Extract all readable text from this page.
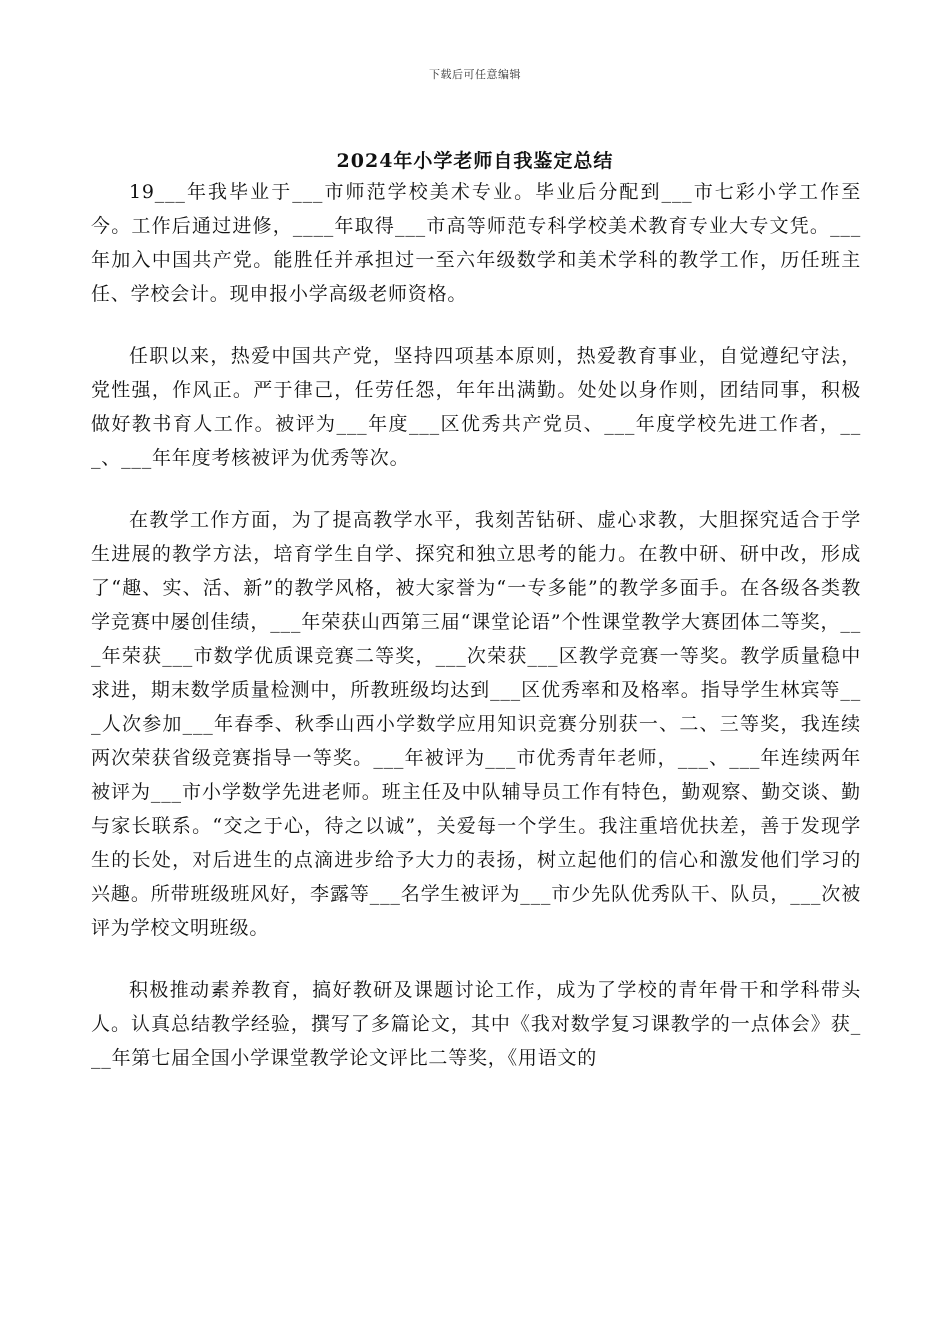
下载后可任意编辑
2024年小学老师自我鉴定总结

19___年我毕业于___市师范学校美术专业。毕业后分配到___市七彩小学工作至今。工作后通过进修，____年取得___市高等师范专科学校美术教育专业大专文凭。___年加入中国共产党。能胜任并承担过一至六年级数学和美术学科的教学工作，历任班主任、学校会计。现申报小学高级老师资格。

任职以来，热爱中国共产党，坚持四项基本原则，热爱教育事业，自觉遵纪守法，党性强，作风正。严于律己，任劳任怨，年年出满勤。处处以身作则，团结同事，积极做好教书育人工作。被评为___年度___区优秀共产党员、___年度学校先进工作者，___、___年年度考核被评为优秀等次。

在教学工作方面，为了提高教学水平，我刻苦钻研、虚心求教，大胆探究适合于学生进展的教学方法，培育学生自学、探究和独立思考的能力。在教中研、研中改，形成了“趣、实、活、新”的教学风格，被大家誉为“一专多能”的教学多面手。在各级各类教学竞赛中屡创佳绩，___年荣获山西第三届“课堂论语”个性课堂教学大赛团体二等奖，___年荣获___市数学优质课竞赛二等奖，___次荣获___区教学竞赛一等奖。教学质量稳中求进，期末数学质量检测中，所教班级均达到___区优秀率和及格率。指导学生林宾等___人次参加___年春季、秋季山西小学数学应用知识竞赛分别获一、二、三等奖，我连续两次荣获省级竞赛指导一等奖。___年被评为___市优秀青年老师，___、___年连续两年被评为___市小学数学先进老师。班主任及中队辅导员工作有特色，勤观察、勤交谈、勤与家长联系。“交之于心，待之以诚”，关爱每一个学生。我注重培优扶差，善于发现学生的长处，对后进生的点滴进步给予大力的表扬，树立起他们的信心和激发他们学习的兴趣。所带班级班风好，李露等___名学生被评为___市少先队优秀队干、队员，___次被评为学校文明班级。

积极推动素养教育，搞好教研及课题讨论工作，成为了学校的青年骨干和学科带头人。认真总结教学经验，撰写了多篇论文，其中《我对数学复习课教学的一点体会》获___年第七届全国小学课堂教学论文评比二等奖，《用语文的
